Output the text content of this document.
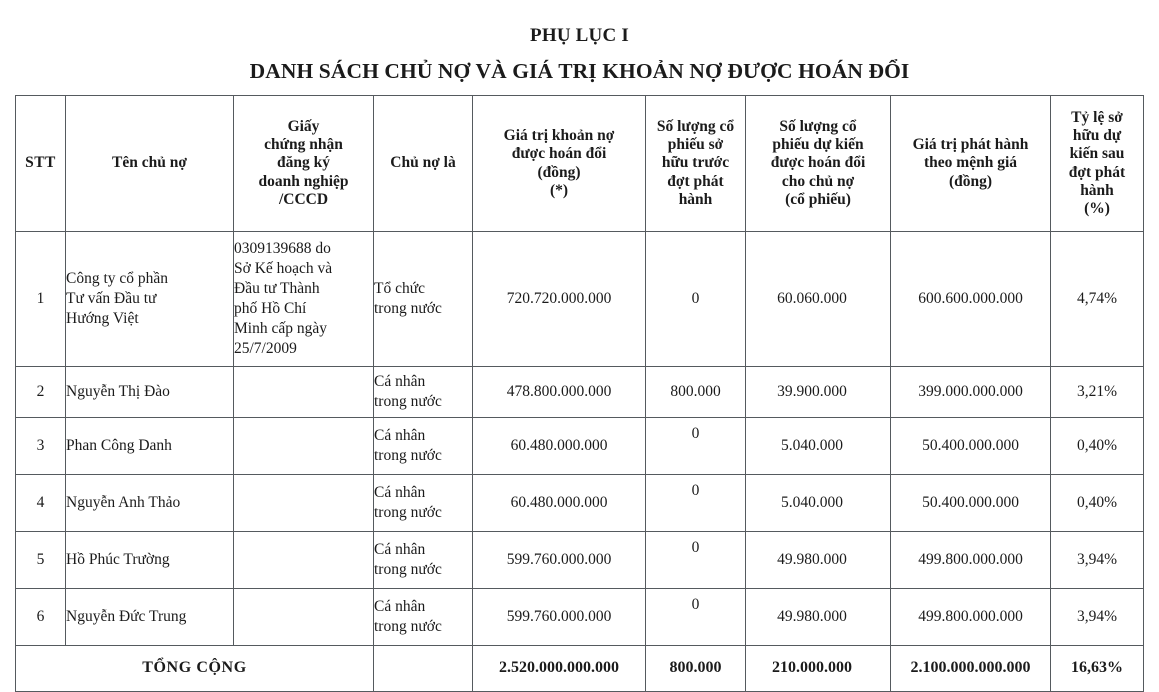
PHỤ LỤC I
DANH SÁCH CHỦ NỢ VÀ GIÁ TRỊ KHOẢN NỢ ĐƯỢC HOÁN ĐỔI
STT	Tên chủ nợ	Giấy
chứng nhận
đăng ký
doanh nghiệp
/CCCD	Chủ nợ là	Giá trị khoản nợ
được hoán đổi
(đồng)
(*)	Số lượng cổ
phiếu sở
hữu trước
đợt phát
hành	Số lượng cổ
phiếu dự kiến
được hoán đổi
cho chủ nợ
(cổ phiếu)	Giá trị phát hành
theo mệnh giá
(đồng)	Tỷ lệ sở
hữu dự
kiến sau
đợt phát
hành
(%)
1	Công ty cổ phần
Tư vấn Đầu tư
Hướng Việt	0309139688 do
Sở Kế hoạch và
Đầu tư Thành
phố Hồ Chí
Minh cấp ngày
25/7/2009	Tổ chức
trong nước	720.720.000.000	0	60.060.000	600.600.000.000	4,74%
2	Nguyễn Thị Đào		Cá nhân
trong nước	478.800.000.000	800.000	39.900.000	399.000.000.000	3,21%
3	Phan Công Danh		Cá nhân
trong nước	60.480.000.000	0	5.040.000	50.400.000.000	0,40%
4	Nguyễn Anh Thảo		Cá nhân
trong nước	60.480.000.000	0	5.040.000	50.400.000.000	0,40%
5	Hồ Phúc Trường		Cá nhân
trong nước	599.760.000.000	0	49.980.000	499.800.000.000	3,94%
6	Nguyễn Đức Trung		Cá nhân
trong nước	599.760.000.000	0	49.980.000	499.800.000.000	3,94%
TỔNG CỘNG				2.520.000.000.000	800.000	210.000.000	2.100.000.000.000	16,63%
